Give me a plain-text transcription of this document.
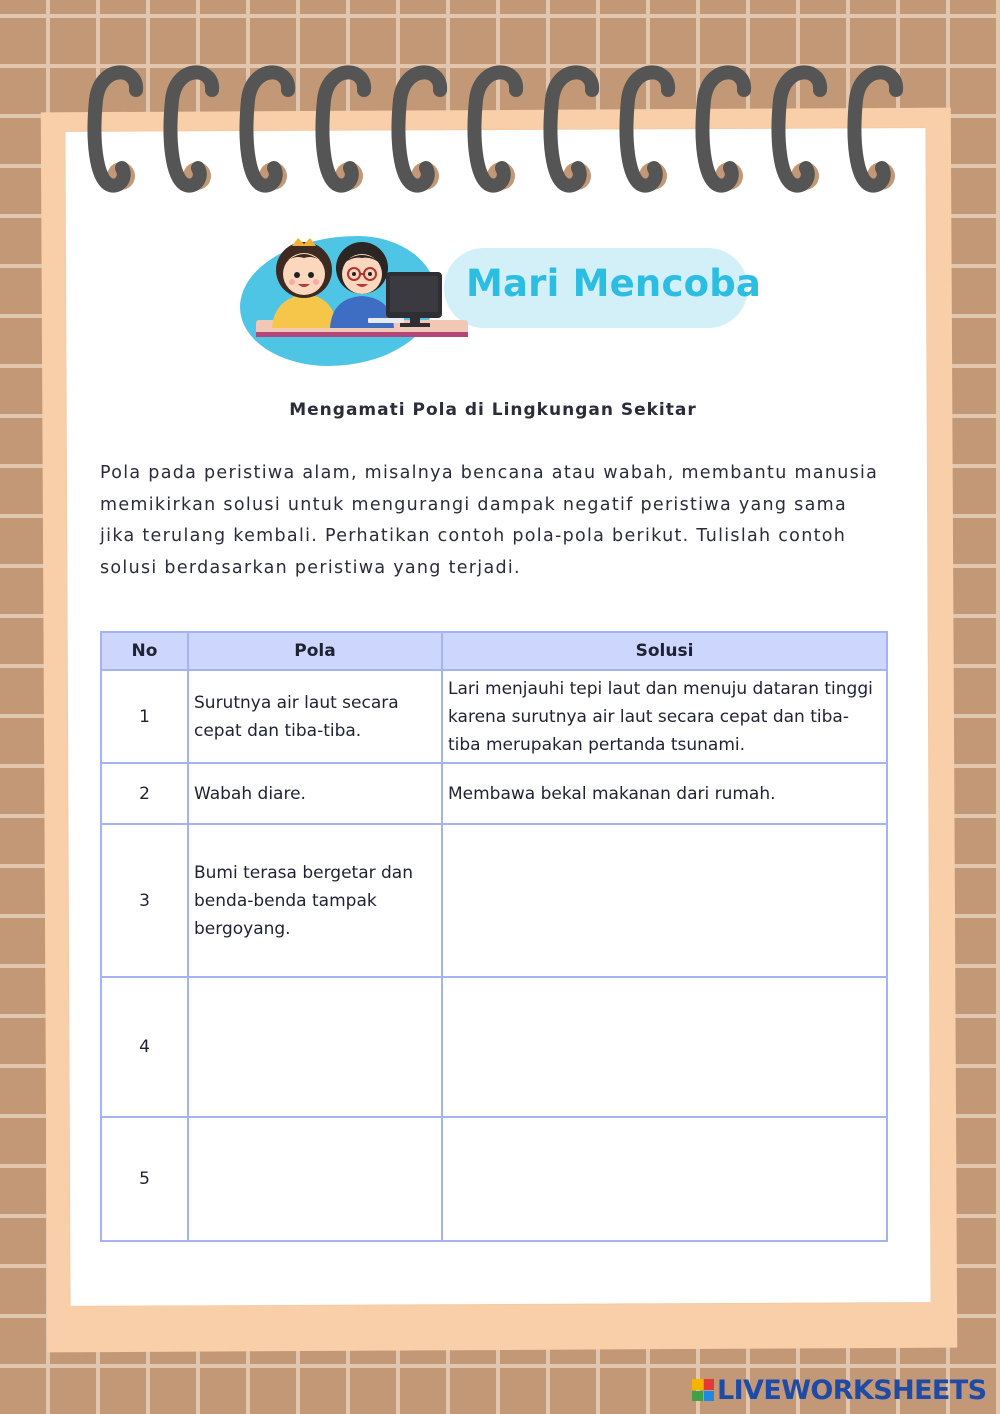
Mari Mencoba
Mengamati Pola di Lingkungan Sekitar

Pola pada peristiwa alam, misalnya bencana atau wabah, membantu manusia
memikirkan solusi untuk mengurangi dampak negatif peristiwa yang sama
jika terulang kembali. Perhatikan contoh pola-pola berikut. Tulislah contoh
solusi berdasarkan peristiwa yang terjadi.

No	Pola	Solusi
1	Surutnya air laut secara cepat dan tiba-tiba.	Lari menjauhi tepi laut dan menuju dataran tinggi karena surutnya air laut secara cepat dan tiba-tiba merupakan pertanda tsunami.
2	Wabah diare.	Membawa bekal makanan dari rumah.
3	Bumi terasa bergetar dan benda-benda tampak bergoyang.	
4		
5		
LIVEWORKSHEETS
